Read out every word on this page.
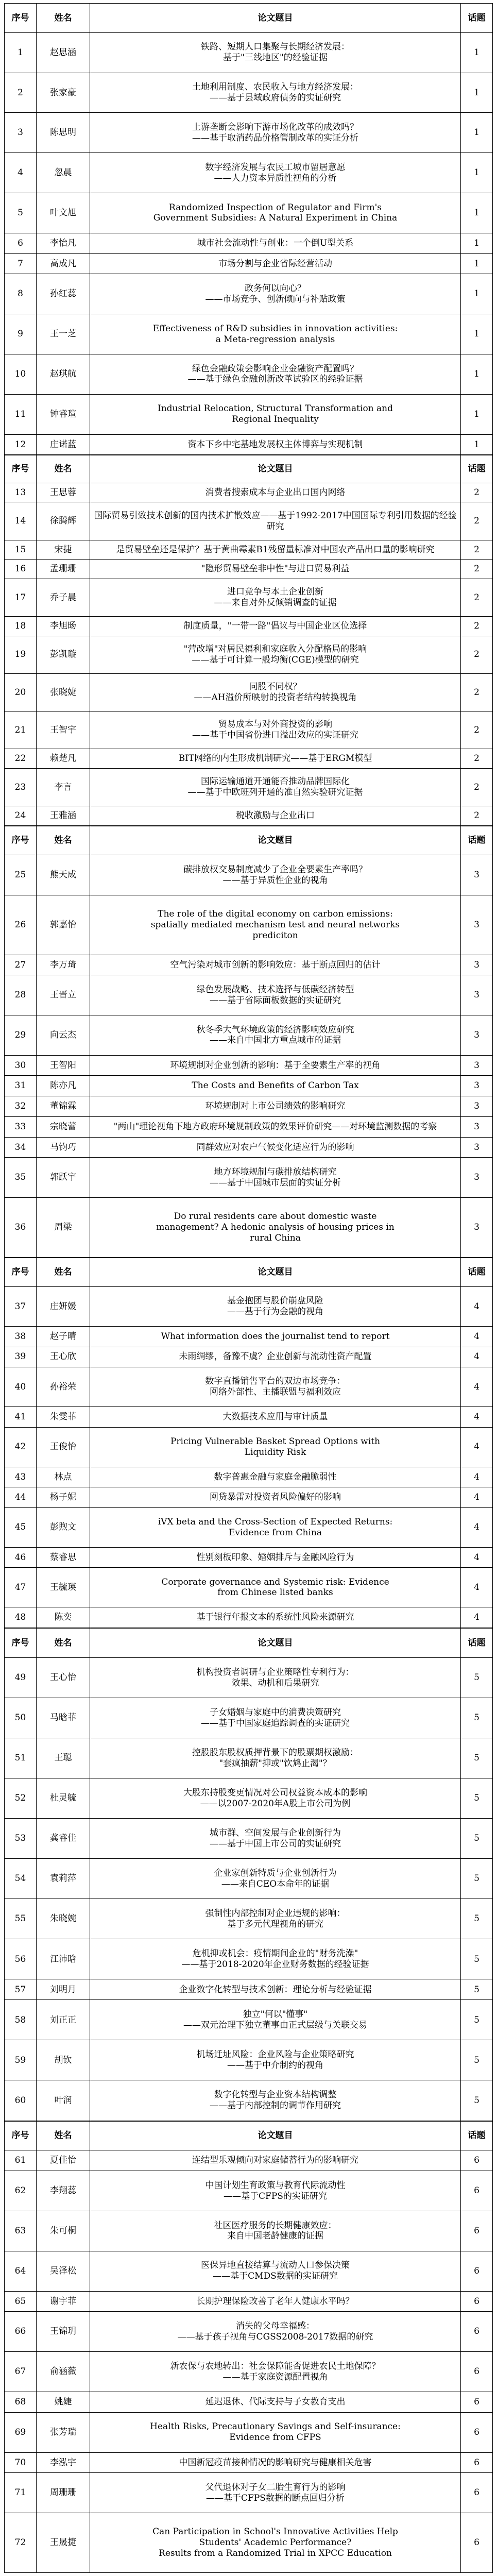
序号	姓名	论文题目	话题
1	赵思涵	铁路、短期人口集聚与长期经济发展：
基于"三线地区"的经验证据	1
2	张家豪	土地利用制度、农民收入与地方经济发展：
——基于县域政府债务的实证研究	1
3	陈思明	上游垄断会影响下游市场化改革的成效吗？
——基于取消药品价格管制改革的实证分析	1
4	忽晨	数字经济发展与农民工城市留居意愿
——人力资本异质性视角的分析	1
5	叶文旭	Randomized Inspection of Regulator and Firm's
Government Subsidies: A Natural Experiment in China	1
6	李怡凡	城市社会流动性与创业：一个倒U型关系	1
7	高成凡	市场分割与企业省际经营活动	1
8	孙红蕊	政务何以向心？
——市场竞争、创新倾向与补贴政策	1
9	王一芝	Effectiveness of R&D subsidies in innovation activities:
a Meta-regression analysis	1
10	赵琪航	绿色金融政策会影响企业金融资产配置吗？
——基于绿色金融创新改革试验区的经验证据	1
11	钟睿瑄	Industrial Relocation, Structural Transformation and
Regional Inequality	1
12	庄诺蓝	资本下乡中宅基地发展权主体博弈与实现机制	1
序号	姓名	论文题目	话题
13	王思蓉	消费者搜索成本与企业出口国内网络	2
14	徐腾辉	国际贸易引致技术创新的国内技术扩散效应——基于1992-2017中国国际专利引用数据的经验研究	2
15	宋捷	是贸易壁垒还是保护？基于黄曲霉素B1残留量标准对中国农产品出口量的影响研究	2
16	孟珊珊	"隐形贸易壁垒非中性"与进口贸易利益	2
17	乔子晨	进口竞争与本土企业创新
——来自对外反倾销调查的证据	2
18	李旭旸	制度质量，"一带一路"倡议与中国企业区位选择	2
19	彭凯璇	"营改增"对居民福利和家庭收入分配格局的影响
——基于可计算一般均衡(CGE)模型的研究	2
20	张晓婕	同股不同权？
——AH溢价所映射的投资者结构转换视角	2
21	王智宇	贸易成本与对外商投资的影响
——基于中国省份进口溢出效应的实证研究	2
22	赖楚凡	BIT网络的内生形成机制研究——基于ERGM模型	2
23	李言	国际运输通道开通能否推动品牌国际化
——基于中欧班列开通的准自然实验研究证据	2
24	王雅涵	税收激励与企业出口	2
序号	姓名	论文题目	话题
25	熊天成	碳排放权交易制度减少了企业全要素生产率吗？
——基于异质性企业的视角	3
26	郭嘉怡	The role of the digital economy on carbon emissions:
spatially mediated mechanism test and neural networks
prediciton	3
27	李万琦	空气污染对城市创新的影响效应：基于断点回归的估计	3
28	王晋立	绿色发展战略、技术选择与低碳经济转型
——基于省际面板数据的实证研究	3
29	向云杰	秋冬季大气环境政策的经济影响效应研究
——来自中国北方重点城市的证据	3
30	王智阳	环境规制对企业创新的影响：基于全要素生产率的视角	3
31	陈亦凡	The Costs and Benefits of Carbon Tax	3
32	董锦霖	环境规制对上市公司绩效的影响研究	3
33	宗晓蕾	"两山"理论视角下地方政府环境规制政策的效果评价研究——对环境监测数据的考察	3
34	马钧巧	同群效应对农户气候变化适应行为的影响	3
35	郭跃宇	地方环境规制与碳排放结构研究
——基于中国城市层面的实证分析	3
36	周梁	Do rural residents care about domestic waste
management? A hedonic analysis of housing prices in
rural China	3
序号	姓名	论文题目	话题
37	庄妍媛	基金抱团与股价崩盘风险
——基于行为金融的视角	4
38	赵子晴	What information does the journalist tend to report	4
39	王心欣	未雨绸缪，备豫不虞？企业创新与流动性资产配置	4
40	孙裕荣	数字直播销售平台的双边市场竞争：
网络外部性、主播联盟与福利效应	4
41	朱雯菲	大数据技术应用与审计质量	4
42	王俊怡	Pricing Vulnerable Basket Spread Options with
Liquidity Risk	4
43	林点	数字普惠金融与家庭金融脆弱性	4
44	杨子妮	网贷暴雷对投资者风险偏好的影响	4
45	彭煦文	iVX beta and the Cross-Section of Expected Returns:
Evidence from China	4
46	蔡睿思	性别刻板印象、婚姻排斥与金融风险行为	4
47	王毓瑛	Corporate governance and Systemic risk: Evidence
from Chinese listed banks	4
48	陈奕	基于银行年报文本的系统性风险来源研究	4
序号	姓名	论文题目	话题
49	王心怡	机构投资者调研与企业策略性专利行为：
效果、动机和后果研究	5
50	马晗菲	子女婚姻与家庭中的消费决策研究
——基于中国家庭追踪调查的实证研究	5
51	王聪	控股股东股权质押背景下的股票期权激励：
"套疯抽薪"抑或"饮鸩止渴"？	5
52	杜灵毓	大股东持股变更情况对公司权益资本成本的影响
——以2007-2020年A股上市公司为例	5
53	龚睿佳	城市群、空间发展与企业创新行为
——基于中国上市公司的实证研究	5
54	袁莉萍	企业家创新特质与企业创新行为
——来自CEO本命年的证据	5
55	朱晓婉	强制性内部控制对企业违规的影响：
基于多元代理视角的研究	5
56	江沛晗	危机抑或机会：疫情期间企业的"财务洗澡"
——基于2018-2020年企业财务数据的经验证据	5
57	刘明月	企业数字化转型与技术创新：理论分析与经验证据	5
58	刘正正	独立"何以"懂事"
——双元治理下独立董事由正式层级与关联交易	5
59	胡钦	机场迁址风险：企业风险与企业策略研究
——基于中介制约的视角	5
60	叶润	数字化转型与企业资本结构调整
——基于内部控制的调节作用研究	5
序号	姓名	论文题目	话题
61	夏佳怡	连结型乐观倾向对家庭储蓄行为的影响研究	6
62	李翔蕊	中国计划生育政策与教育代际流动性
——基于CFPS的实证研究	6
63	朱可桐	社区医疗服务的长期健康效应：
来自中国老龄健康的证据	6
64	吴泽松	医保异地直接结算与流动人口参保决策
——基于CMDS数据的实证研究	6
65	谢宇菲	长期护理保险改善了老年人健康水平吗？	6
66	王锦玥	消失的父母幸福感：
——基于孩子视角与CGSS2008-2017数据的研究	6
67	俞涵薇	新农保与农地转出：社会保障能否促进农民土地保障？
——基于家庭资源配置视角	6
68	姚婕	延迟退休、代际支持与子女教育支出	6
69	张芳瑞	Health Risks, Precautionary Savings and Self-insurance:
Evidence from CFPS	6
70	李泓宇	中国新冠疫苗接种情况的影响研究与健康相关危害	6
71	周珊珊	父代退休对子女二胎生育行为的影响
——基于CFPS数据的断点回归分析	6
72	王晟捷	Can Participation in School's Innovative Activities Help
Students' Academic Performance?
Results from a Randomized Trial in XPCC Education	6
